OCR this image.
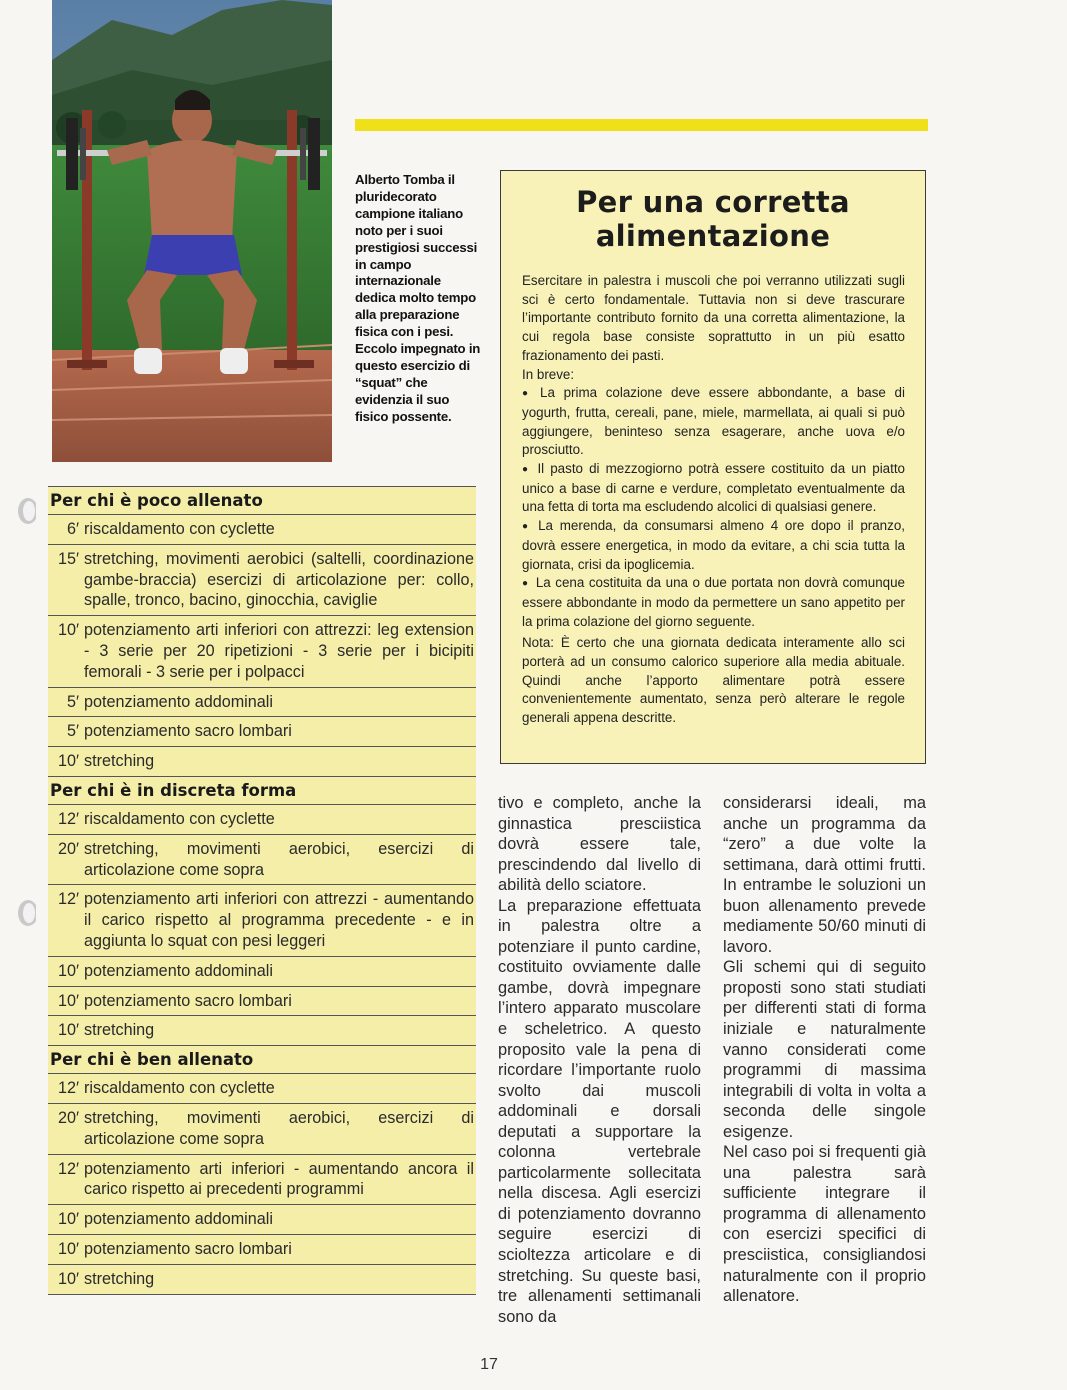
Alberto Tomba il pluridecorato campione italiano noto per i suoi prestigiosi successi in campo internazionale dedica molto tempo alla preparazione fisica con i pesi. Eccolo impegnato in questo esercizio di “squat” che evidenzia il suo fisico possente.
Per una corretta alimentazione

Esercitare in palestra i muscoli che poi verranno utilizzati sugli sci è certo fondamentale. Tuttavia non si deve trascurare l’importante contributo fornito da una corretta alimentazione, la cui regola base consiste soprattutto in un più esatto frazionamento dei pasti.

In breve:

● La prima colazione deve essere abbondante, a base di yogurth, frutta, cereali, pane, miele, marmellata, ai quali si può aggiungere, beninteso senza esagerare, anche uova e/o prosciutto.

● Il pasto di mezzogiorno potrà essere costituito da un piatto unico a base di carne e verdure, completato eventualmente da una fetta di torta ma escludendo alcolici di qualsiasi genere.

● La merenda, da consumarsi almeno 4 ore dopo il pranzo, dovrà essere energetica, in modo da evitare, a chi scia tutta la giornata, crisi da ipoglicemia.

● La cena costituita da una o due portata non dovrà comunque essere abbondante in modo da permettere un sano appetito per la prima colazione del giorno seguente.

Nota: È certo che una giornata dedicata interamente allo sci porterà ad un consumo calorico superiore alla media abituale. Quindi anche l’apporto alimentare potrà essere convenientemente aumentato, senza però alterare le regole generali appena descritte.

Per chi è poco allenato
6′ riscaldamento con cyclette
15′ stretching, movimenti aerobici (saltelli, coordinazione gambe-braccia) esercizi di articolazione per: collo, spalle, tronco, bacino, ginocchia, caviglie
10′ potenziamento arti inferiori con attrezzi: leg extension - 3 serie per 20 ripetizioni - 3 serie per i bicipiti femorali - 3 serie per i polpacci
5′ potenziamento addominali
5′ potenziamento sacro lombari
10′ stretching
Per chi è in discreta forma
12′ riscaldamento con cyclette
20′ stretching, movimenti aerobici, esercizi di articolazione come sopra
12′ potenziamento arti inferiori con attrezzi - aumentando il carico rispetto al programma precedente - e in aggiunta lo squat con pesi leggeri
10′ potenziamento addominali
10′ potenziamento sacro lombari
10′ stretching
Per chi è ben allenato
12′ riscaldamento con cyclette
20′ stretching, movimenti aerobici, esercizi di articolazione come sopra
12′ potenziamento arti inferiori - aumentando ancora il carico rispetto ai precedenti programmi
10′ potenziamento addominali
10′ potenziamento sacro lombari
10′ stretching

tivo e completo, anche la ginnastica presciistica dovrà essere tale, prescindendo dal livello di abilità dello sciatore.

La preparazione effettuata in palestra oltre a potenziare il punto cardine, costituito ovviamente dalle gambe, dovrà impegnare l’intero apparato muscolare e scheletrico. A questo proposito vale la pena di ricordare l’importante ruolo svolto dai muscoli addominali e dorsali deputati a supportare la colonna vertebrale particolarmente sollecitata nella discesa. Agli esercizi di potenziamento dovranno seguire esercizi di scioltezza articolare e di stretching. Su queste basi, tre allenamenti settimanali sono da

considerarsi ideali, ma anche un programma da “zero” a due volte la settimana, darà ottimi frutti. In entrambe le soluzioni un buon allenamento prevede mediamente 50/60 minuti di lavoro.

Gli schemi qui di seguito proposti sono stati studiati per differenti stati di forma iniziale e naturalmente vanno considerati come programmi di massima integrabili di volta in volta a seconda delle singole esigenze.

Nel caso poi si frequenti già una palestra sarà sufficiente integrare il programma di allenamento con esercizi specifici di presciistica, consigliandosi naturalmente con il proprio allenatore.

17
